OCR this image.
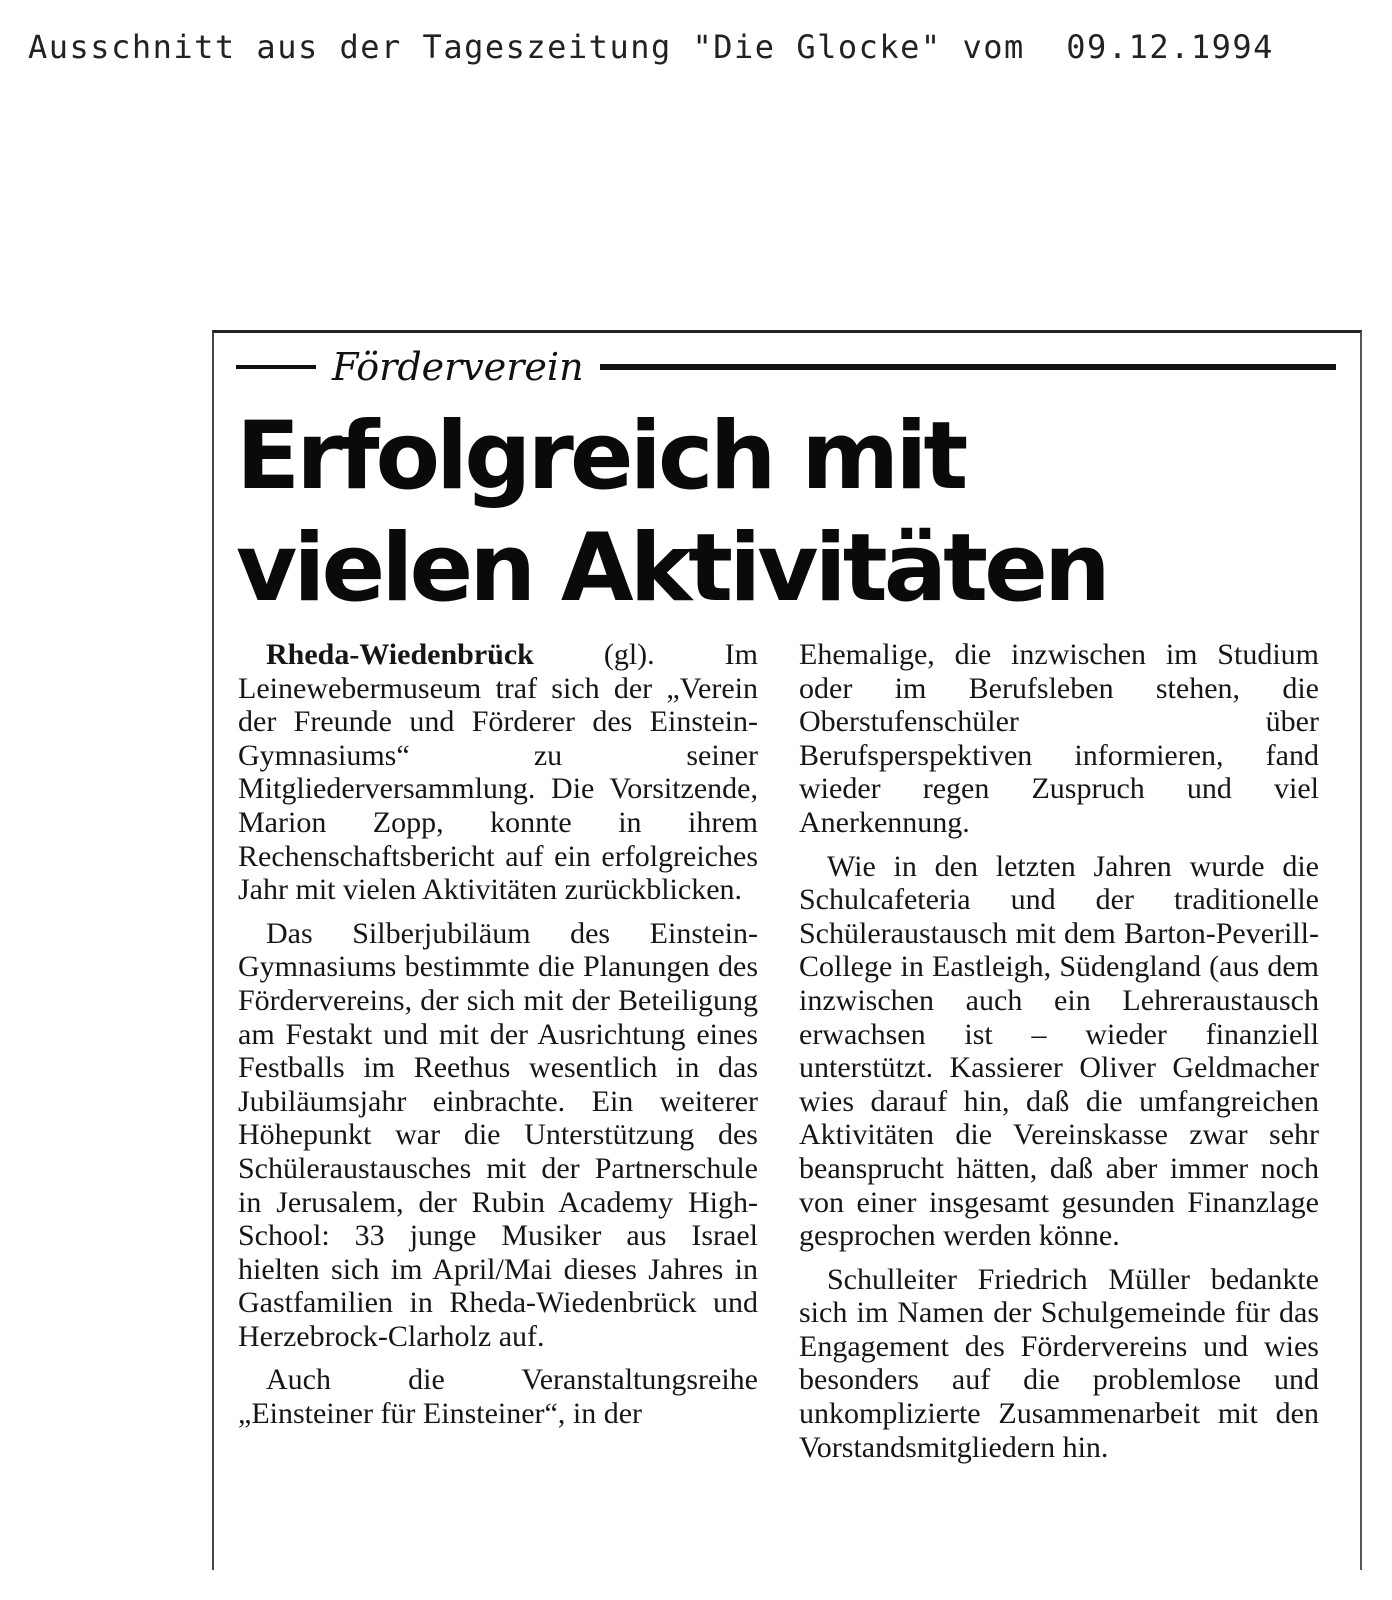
Ausschnitt aus der Tageszeitung "Die Glocke" vom  09.12.1994
Förderverein
Erfolgreich mit
vielen Aktivitäten

Rheda-Wiedenbrück (gl). Im Leinewebermuseum traf sich der „Verein der Freunde und Förderer des Einstein-Gymnasiums“ zu seiner Mitgliederversammlung. Die Vorsitzende, Marion Zopp, konnte in ihrem Rechenschaftsbericht auf ein erfolgreiches Jahr mit vielen Aktivitäten zurückblicken.

Das Silberjubiläum des Einstein-Gymnasiums bestimmte die Planungen des Fördervereins, der sich mit der Beteiligung am Festakt und mit der Ausrichtung eines Festballs im Reethus wesentlich in das Jubiläumsjahr einbrachte. Ein weiterer Höhepunkt war die Unterstützung des Schüleraustausches mit der Partnerschule in Jerusalem, der Rubin Academy High-School: 33 junge Musiker aus Israel hielten sich im April/Mai dieses Jahres in Gastfamilien in Rheda-Wiedenbrück und Herzebrock-Clarholz auf.

Auch die Veranstaltungsreihe „Einsteiner für Einsteiner“, in der

Ehemalige, die inzwischen im Studium oder im Berufsleben stehen, die Oberstufenschüler über Berufsperspektiven informieren, fand wieder regen Zuspruch und viel Anerkennung.

Wie in den letzten Jahren wurde die Schulcafeteria und der traditionelle Schüleraustausch mit dem Barton-Peverill-College in Eastleigh, Südengland (aus dem inzwischen auch ein Lehreraustausch erwachsen ist – wieder finanziell unterstützt. Kassierer Oliver Geldmacher wies darauf hin, daß die umfangreichen Aktivitäten die Vereinskasse zwar sehr beansprucht hätten, daß aber immer noch von einer insgesamt gesunden Finanzlage gesprochen werden könne.

Schulleiter Friedrich Müller bedankte sich im Namen der Schulgemeinde für das Engagement des Fördervereins und wies besonders auf die problemlose und unkomplizierte Zusammenarbeit mit den Vorstandsmitgliedern hin.
